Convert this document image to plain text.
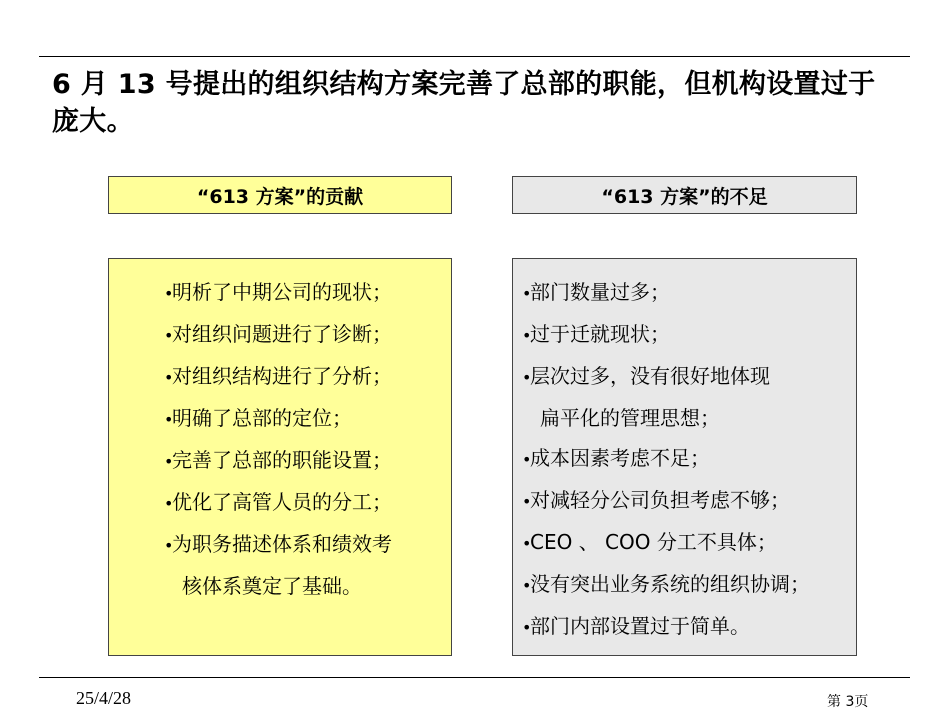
6 月 13 号提出的组织结构方案完善了总部的职能，但机构设置过于庞大。
“613 方案”的贡献	“613 方案”的不足
•明析了中期公司的现状；
•对组织问题进行了诊断；
•对组织结构进行了分析；
•明确了总部的定位；
•完善了总部的职能设置；
•优化了高管人员的分工；
•为职务描述体系和绩效考
核体系奠定了基础。
•部门数量过多；
•过于迁就现状；
•层次过多，没有很好地体现
扁平化的管理思想；
•成本因素考虑不足；
•对减轻分公司负担考虑不够；
•CEO 、 COO 分工不具体；
•没有突出业务系统的组织协调；
•部门内部设置过于简单。
25/4/28	第 3页
